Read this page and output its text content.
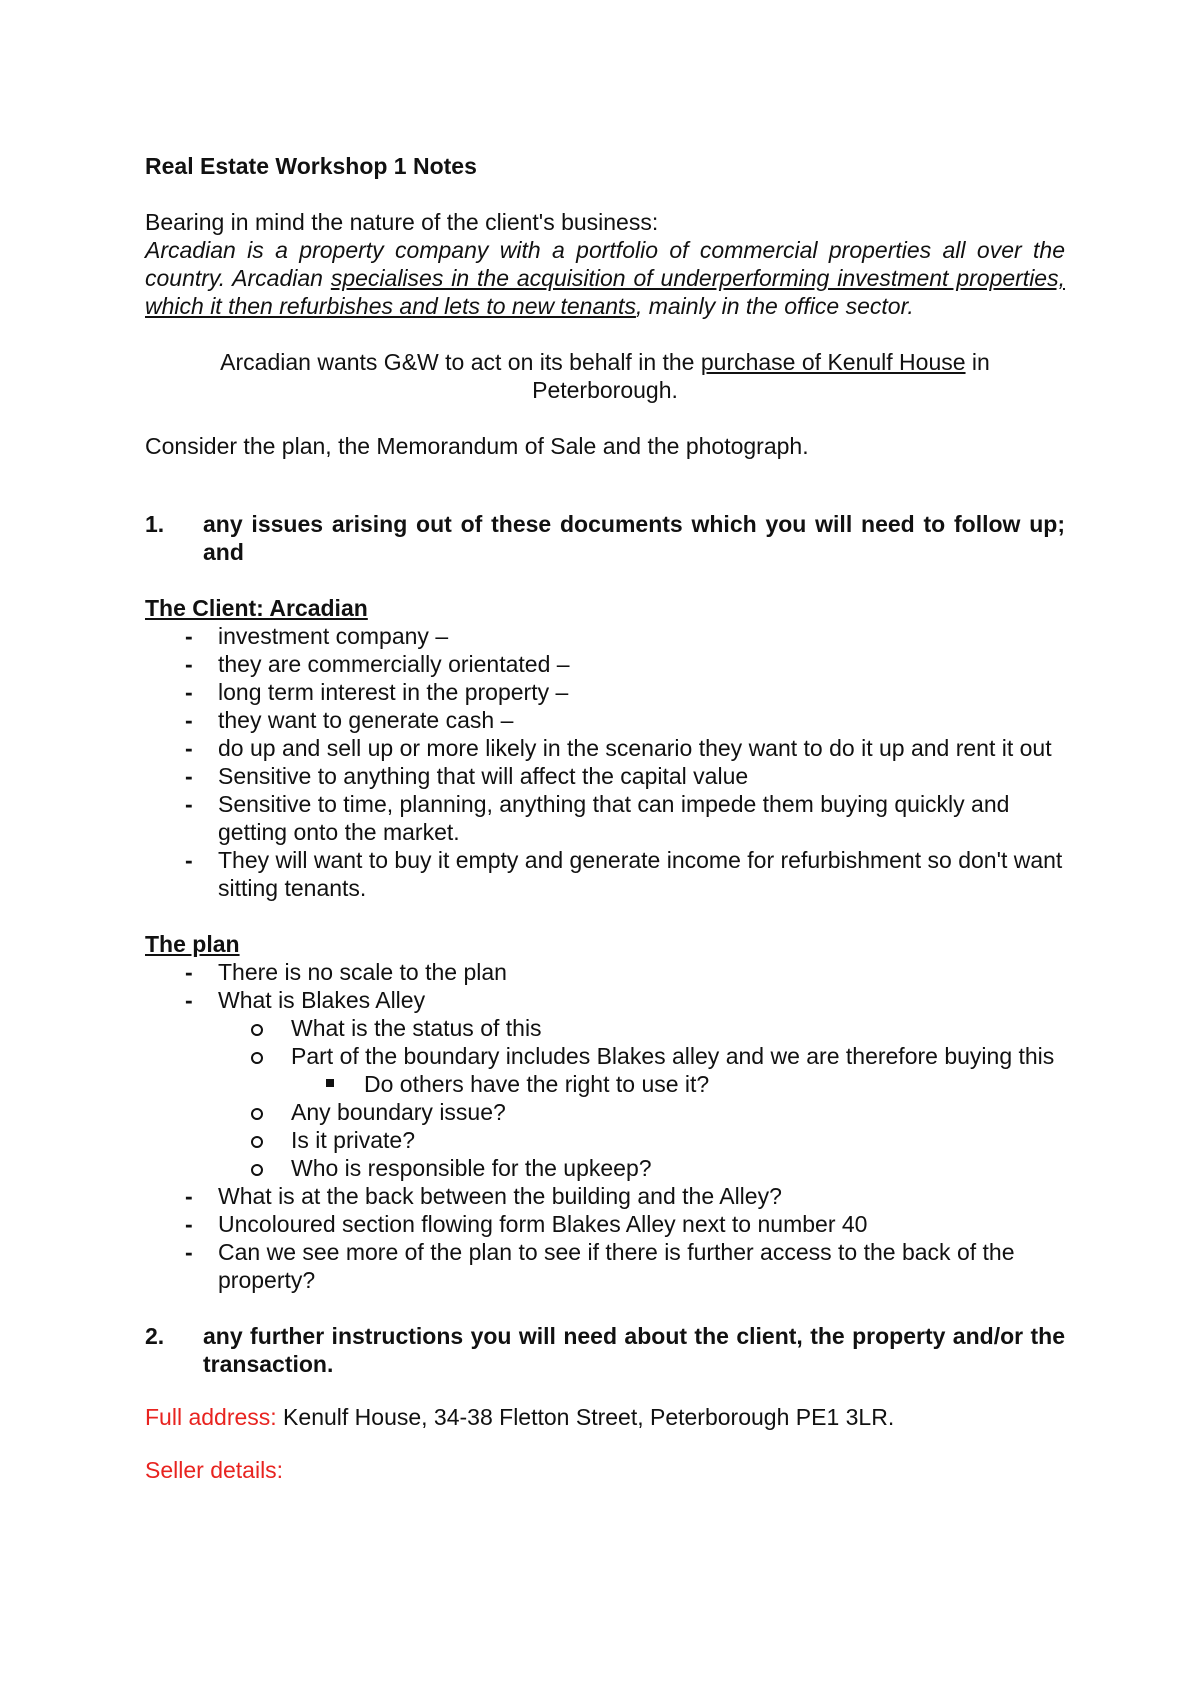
Real Estate Workshop 1 Notes

Bearing in mind the nature of the client's business:

Arcadian is a property company with a portfolio of commercial properties all over the country. Arcadian specialises in the acquisition of underperforming investment properties, which it then refurbishes and lets to new tenants, mainly in the office sector.

Arcadian wants G&W to act on its behalf in the purchase of Kenulf House in Peterborough.

Consider the plan, the Memorandum of Sale and the photograph.

1.	any issues arising out of these documents which you will need to follow up; and

The Client: Arcadian

- investment company –
- they are commercially orientated –
- long term interest in the property –
- they want to generate cash –
- do up and sell up or more likely in the scenario they want to do it up and rent it out
- Sensitive to anything that will affect the capital value
- Sensitive to time, planning, anything that can impede them buying quickly and getting onto the market.
- They will want to buy it empty and generate income for refurbishment so don't want sitting tenants.

The plan

- There is no scale to the plan
- What is Blakes Alley
What is the status of this
Part of the boundary includes Blakes alley and we are therefore buying this
Do others have the right to use it?
Any boundary issue?
Is it private?
Who is responsible for the upkeep?
- What is at the back between the building and the Alley?
- Uncoloured section flowing form Blakes Alley next to number 40
- Can we see more of the plan to see if there is further access to the back of the property?
2.	any further instructions you will need about the client, the property and/or the transaction.

Full address: Kenulf House, 34-38 Fletton Street, Peterborough PE1 3LR.

Seller details:
